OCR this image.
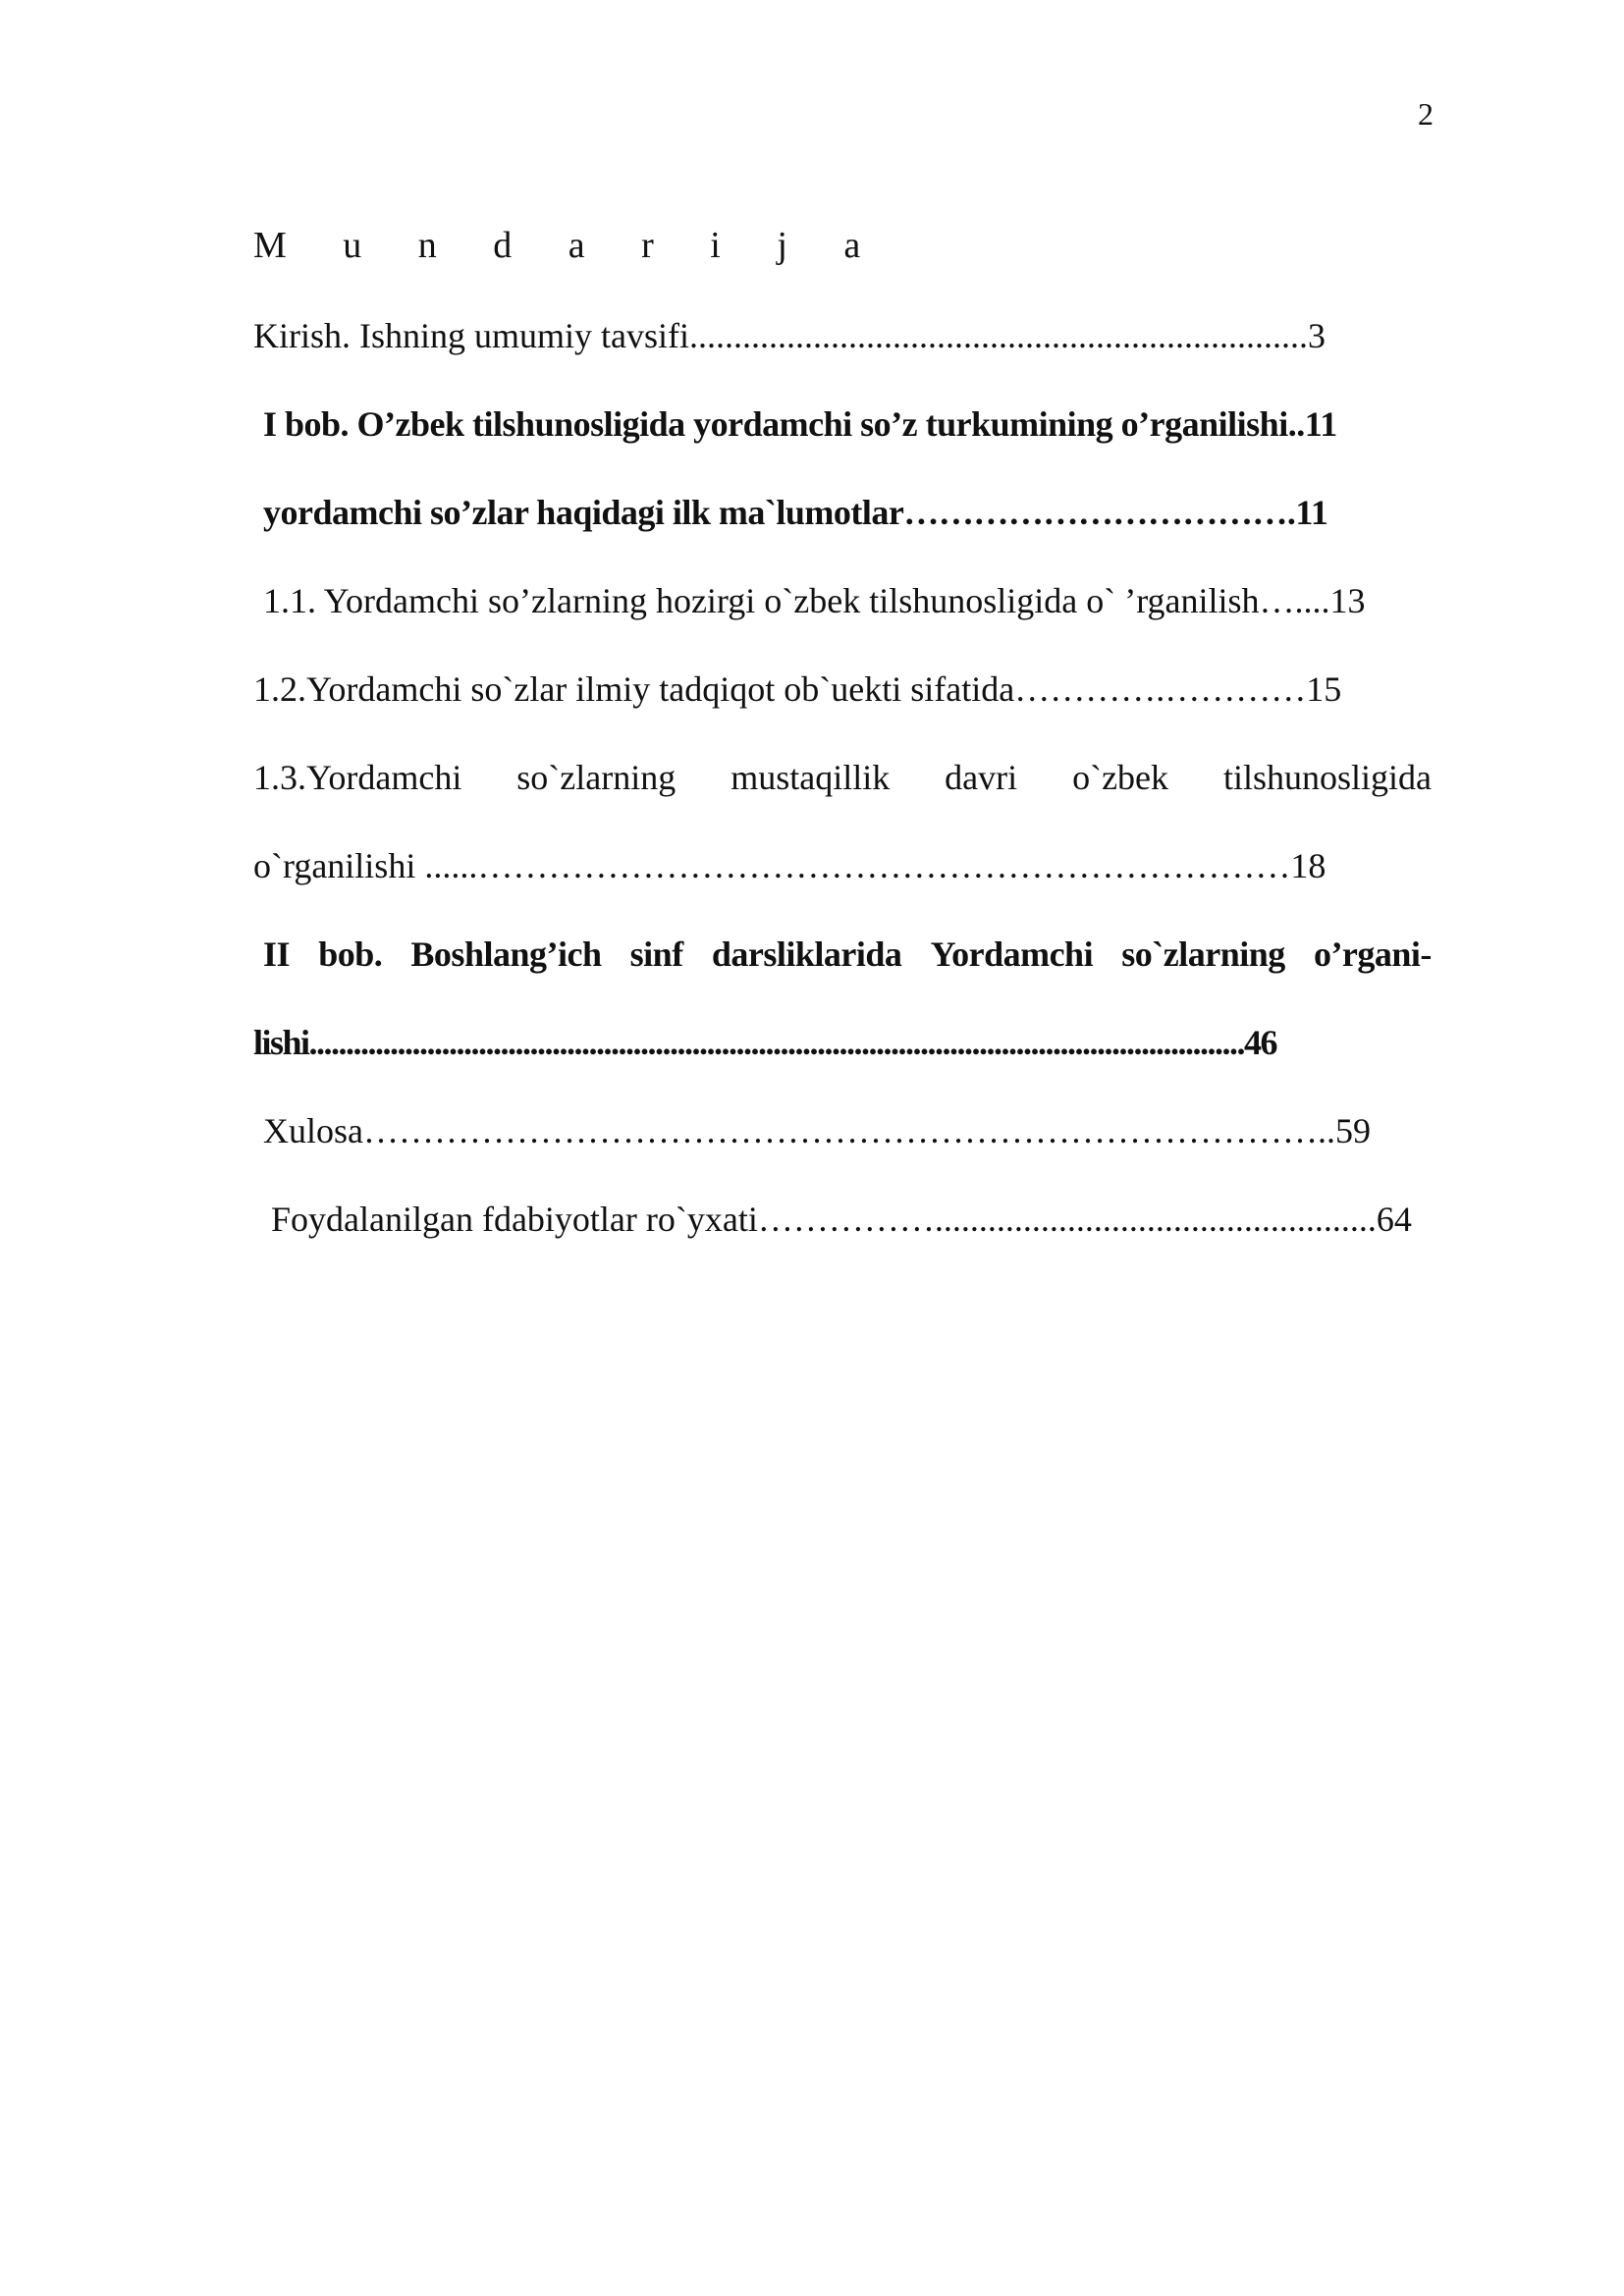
2
M u n d a r i j a
Kirish. Ishning umumiy tavsifi......................................................................3
I bob. O’zbek tilshunosligida yordamchi so’z turkumining o’rganilishi..11
yordamchi so’zlar haqidagi ilk ma`lumotlar…………………………….11
1.1. Yordamchi so’zlarning hozirgi o`zbek tilshunosligida o` ’rganilish…....13
1.2.Yordamchi so`zlar ilmiy tadqiqot ob`uekti sifatida………….…………15
1.3.Yordamchi so`zlarning mustaqillik davri o`zbek tilshunosligida
o`rganilishi ......……………………………………………………………18
II bob. Boshlang’ich sinf darsliklarida Yordamchi so`zlarning o’rgani-
lishi...............................................................................................................................46
Xulosa………………………………………………………………………..59
Foydalanilgan fdabiyotlar ro`yxati……………..................................................64
